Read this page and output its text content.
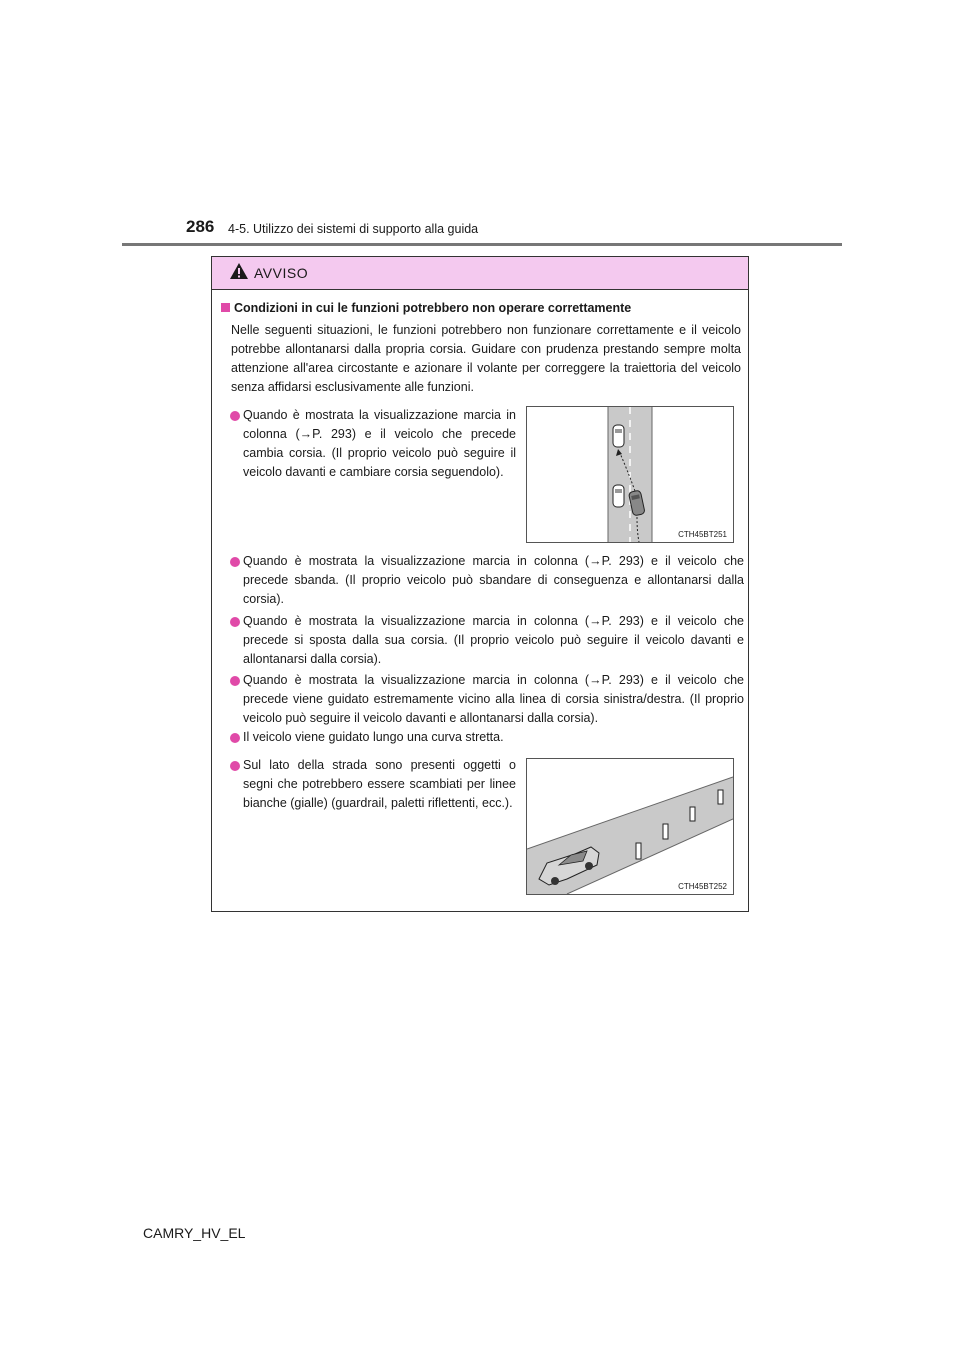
286 4-5. Utilizzo dei sistemi di supporto alla guida
AVVISO
Condizioni in cui le funzioni potrebbero non operare correttamente
Nelle seguenti situazioni, le funzioni potrebbero non funzionare correttamente e il veicolo potrebbe allontanarsi dalla propria corsia. Guidare con prudenza prestando sempre molta attenzione all'area circostante e azionare il volante per correggere la traiettoria del veicolo senza affidarsi esclusivamente alle funzioni.
Quando è mostrata la visualizzazione marcia in colonna (→P. 293) e il veicolo che precede cambia corsia. (Il proprio veicolo può seguire il veicolo davanti e cambiare corsia seguendolo).
CTH45BT251
Quando è mostrata la visualizzazione marcia in colonna (→P. 293) e il veicolo che precede sbanda. (Il proprio veicolo può sbandare di conseguenza e allontanarsi dalla corsia).
Quando è mostrata la visualizzazione marcia in colonna (→P. 293) e il veicolo che precede si sposta dalla sua corsia. (Il proprio veicolo può seguire il veicolo davanti e allontanarsi dalla corsia).
Quando è mostrata la visualizzazione marcia in colonna (→P. 293) e il veicolo che precede viene guidato estremamente vicino alla linea di corsia sinistra/destra. (Il proprio veicolo può seguire il veicolo davanti e allontanarsi dalla corsia).
Il veicolo viene guidato lungo una curva stretta.
Sul lato della strada sono presenti oggetti o segni che potrebbero essere scambiati per linee bianche (gialle) (guardrail, paletti riflettenti, ecc.).
CTH45BT252
CAMRY_HV_EL
